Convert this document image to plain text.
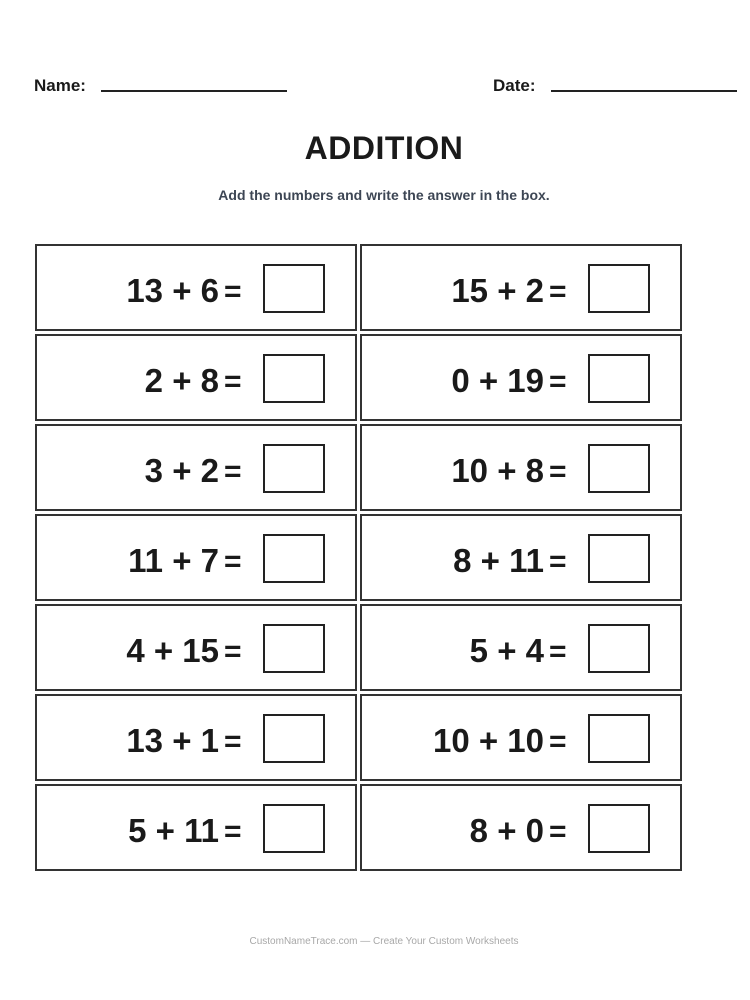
Name:	Date:
ADDITION
Add the numbers and write the answer in the box.
13 + 6 =	15 + 2 =
2 + 8 =	0 + 19 =
3 + 2 =	10 + 8 =
11 + 7 =	8 + 11 =
4 + 15 =	5 + 4 =
13 + 1 =	10 + 10 =
5 + 11 =	8 + 0 =
CustomNameTrace.com — Create Your Custom Worksheets
